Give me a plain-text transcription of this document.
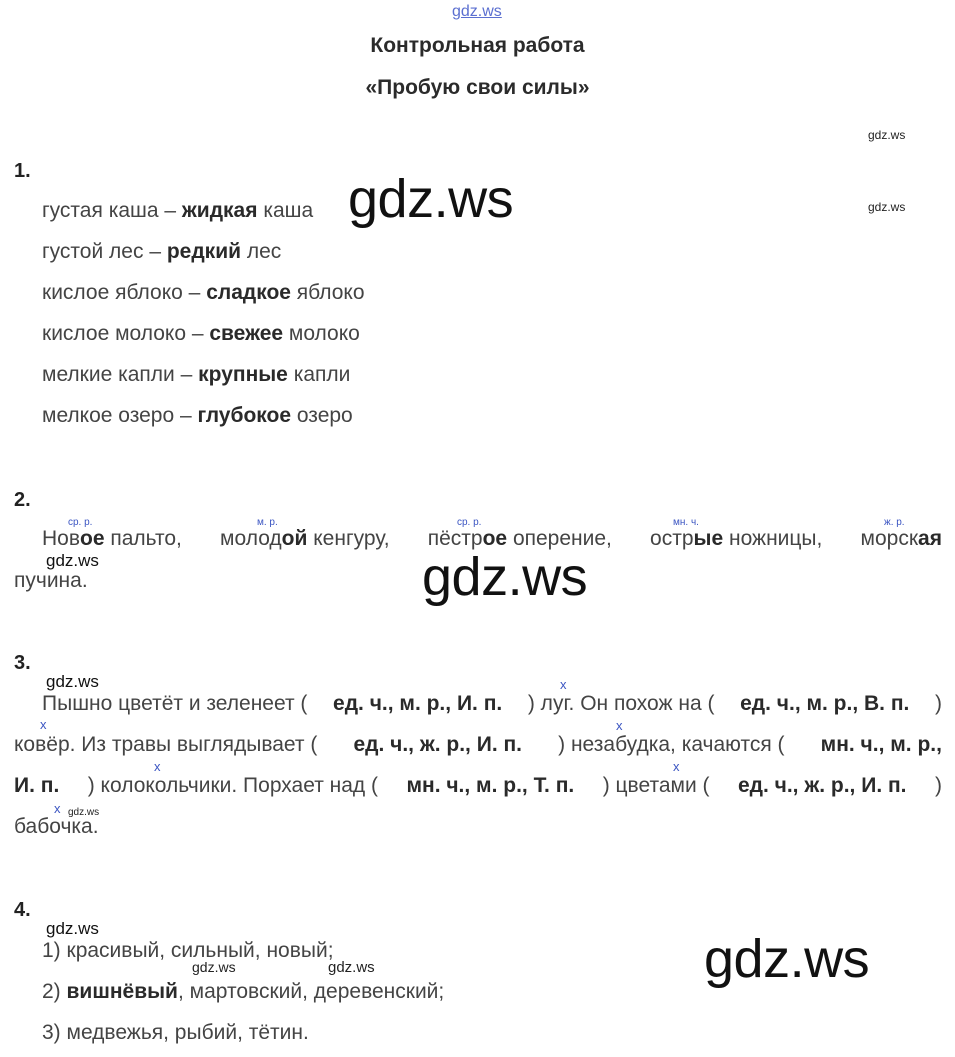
gdz.ws
Контрольная работа
«Пробую свои силы»
gdz.ws
gdz.ws
1.
густая каша – жидкая каша
густой лес – редкий лес
кислое яблоко – сладкое яблоко
кислое молоко – свежее молоко
мелкие капли – крупные капли
мелкое озеро – глубокое озеро
gdz.ws
2.
ср. р.	м. р.	ср. р.	мн. ч.	ж. р.
Новое пальто, молодой кенгуру, пёстрое оперение, острые ножницы, морская
пучина.
gdz.ws	gdz.ws
3.
gdz.ws	x
x	x
x	x
x
Пышно цветёт и зеленеет ( ед. ч., м. р., И. п. ) луг. Он похож на ( ед. ч., м. р., В. п. )
ковёр. Из травы выглядывает ( ед. ч., ж. р., И. п. ) незабудка, качаются ( мн. ч., м. р.,
И. п. ) колокольчики. Порхает над ( мн. ч., м. р., Т. п. ) цветами ( ед. ч., ж. р., И. п. )
бабочка.
gdz.ws
4.
gdz.ws
1) красивый, сильный, новый;
gdz.ws	gdz.ws
2) вишнёвый, мартовский, деревенский;
3) медвежья, рыбий, тётин.
gdz.ws
